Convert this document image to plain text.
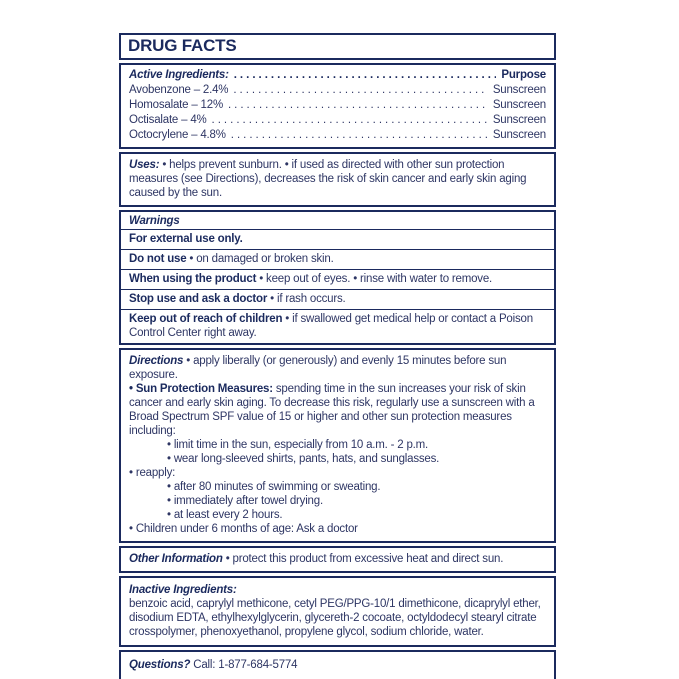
DRUG FACTS
Active Ingredients: .....	Purpose
Avobenzone – 2.4% .....	Sunscreen
Homosalate – 12% .....	Sunscreen
Octisalate – 4% .....	Sunscreen
Octocrylene – 4.8% .....	Sunscreen
Uses: • helps prevent sunburn. • if used as directed with other sun protection measures (see Directions), decreases the risk of skin cancer and early skin aging caused by the sun.
Warnings
For external use only.
Do not use • on damaged or broken skin.
When using the product • keep out of eyes. • rinse with water to remove.
Stop use and ask a doctor • if rash occurs.
Keep out of reach of children • if swallowed get medical help or contact a Poison Control Center right away.
Directions • apply liberally (or generously) and evenly 15 minutes before sun exposure.
• Sun Protection Measures: spending time in the sun increases your risk of skin cancer and early skin aging. To decrease this risk, regularly use a sunscreen with a Broad Spectrum SPF value of 15 or higher and other sun protection measures including:
• limit time in the sun, especially from 10 a.m. - 2 p.m.
• wear long-sleeved shirts, pants, hats, and sunglasses.
• reapply:
• after 80 minutes of swimming or sweating.
• immediately after towel drying.
• at least every 2 hours.
• Children under 6 months of age: Ask a doctor
Other Information • protect this product from excessive heat and direct sun.
Inactive Ingredients:
benzoic acid, caprylyl methicone, cetyl PEG/PPG-10/1 dimethicone, dicaprylyl ether, disodium EDTA, ethylhexylglycerin, glycereth-2 cocoate, octyldodecyl stearyl citrate crosspolymer, phenoxyethanol, propylene glycol, sodium chloride, water.
Questions? Call: 1-877-684-5774
